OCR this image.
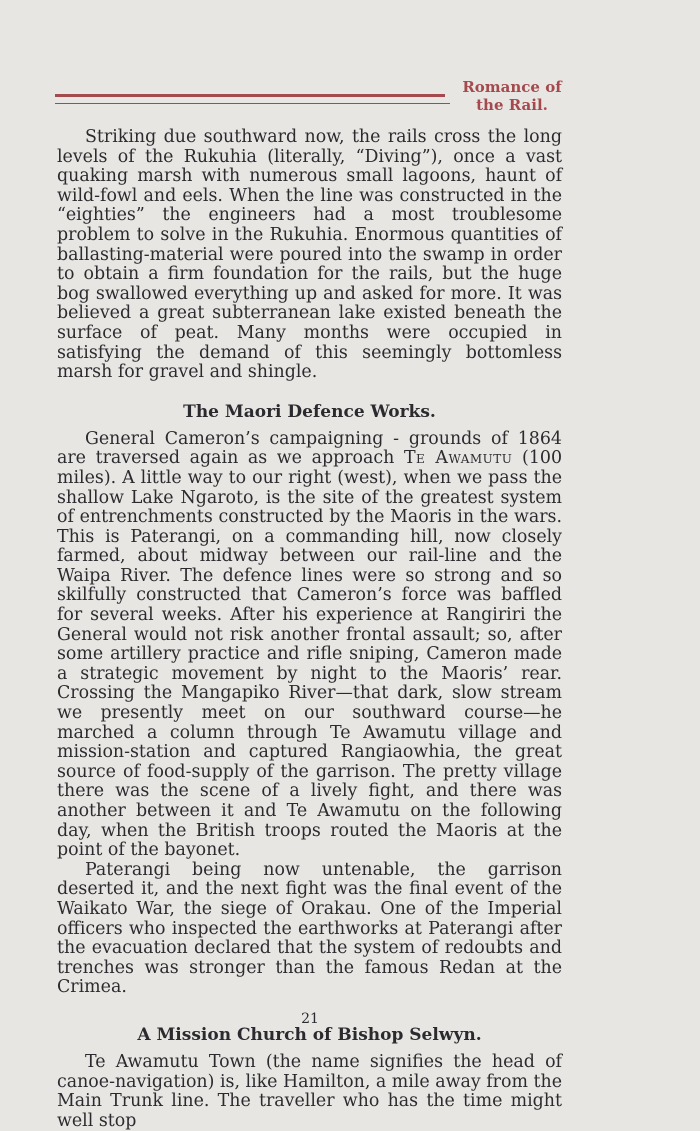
Romance of
the Rail.

Striking due southward now, the rails cross the long levels of the Rukuhia (literally, “Diving”), once a vast quaking marsh with numerous small lagoons, haunt of wild-fowl and eels. When the line was constructed in the “eighties” the engineers had a most troublesome problem to solve in the Rukuhia. Enormous quantities of ballasting-material were poured into the swamp in order to obtain a firm foundation for the rails, but the huge bog swallowed everything up and asked for more. It was believed a great subterranean lake existed beneath the surface of peat. Many months were occupied in satisfying the demand of this seemingly bottomless marsh for gravel and shingle.

The Maori Defence Works.

General Cameron’s campaigning - grounds of 1864 are traversed again as we approach Te Awamutu (100 miles). A little way to our right (west), when we pass the shallow Lake Ngaroto, is the site of the greatest system of entrenchments constructed by the Maoris in the wars. This is Paterangi, on a commanding hill, now closely farmed, about midway between our rail-line and the Waipa River. The defence lines were so strong and so skilfully constructed that Cameron’s force was baffled for several weeks. After his experience at Rangiriri the General would not risk another frontal assault; so, after some artillery practice and rifle sniping, Cameron made a strategic movement by night to the Maoris’ rear. Crossing the Mangapiko River—that dark, slow stream we presently meet on our southward course—he marched a column through Te Awamutu village and mission-station and captured Rangiaowhia, the great source of food-supply of the garrison. The pretty village there was the scene of a lively fight, and there was another between it and Te Awamutu on the following day, when the British troops routed the Maoris at the point of the bayonet.

Paterangi being now untenable, the garrison deserted it, and the next fight was the final event of the Waikato War, the siege of Orakau. One of the Imperial officers who inspected the earthworks at Paterangi after the evacuation declared that the system of redoubts and trenches was stronger than the famous Redan at the Crimea.

A Mission Church of Bishop Selwyn.

Te Awamutu Town (the name signifies the head of canoe-navigation) is, like Hamilton, a mile away from the Main Trunk line. The traveller who has the time might well stop

21
